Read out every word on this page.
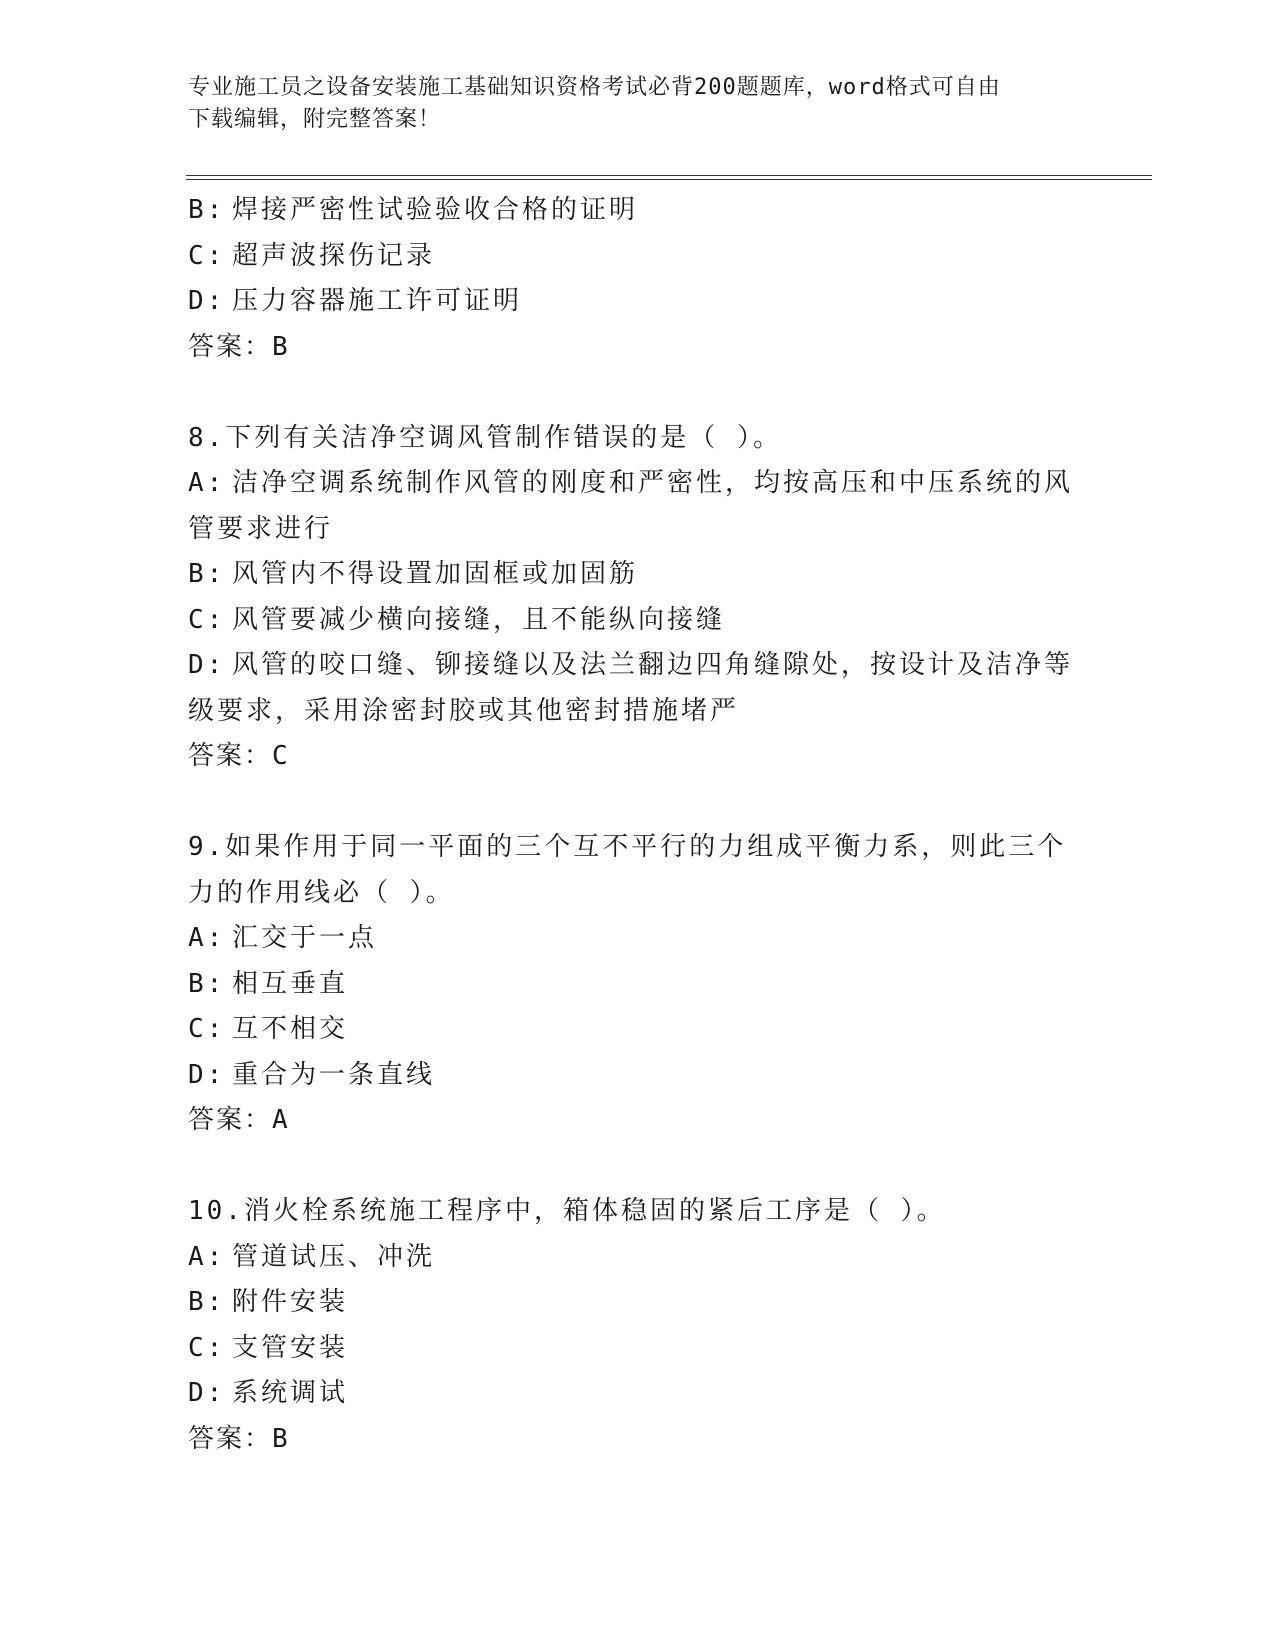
专业施工员之设备安装施工基础知识资格考试必背200题题库，word格式可自由
下载编辑，附完整答案！
B: 焊接严密性试验验收合格的证明
C: 超声波探伤记录
D: 压力容器施工许可证明
答案：B
8.下列有关洁净空调风管制作错误的是（ ）。
A: 洁净空调系统制作风管的刚度和严密性，均按高压和中压系统的风
管要求进行
B: 风管内不得设置加固框或加固筋
C: 风管要减少横向接缝，且不能纵向接缝
D: 风管的咬口缝、铆接缝以及法兰翻边四角缝隙处，按设计及洁净等
级要求，采用涂密封胶或其他密封措施堵严
答案：C
9.如果作用于同一平面的三个互不平行的力组成平衡力系，则此三个
力的作用线必（ ）。
A: 汇交于一点
B: 相互垂直
C: 互不相交
D: 重合为一条直线
答案：A
10.消火栓系统施工程序中，箱体稳固的紧后工序是（ ）。
A: 管道试压、冲洗
B: 附件安装
C: 支管安装
D: 系统调试
答案：B
